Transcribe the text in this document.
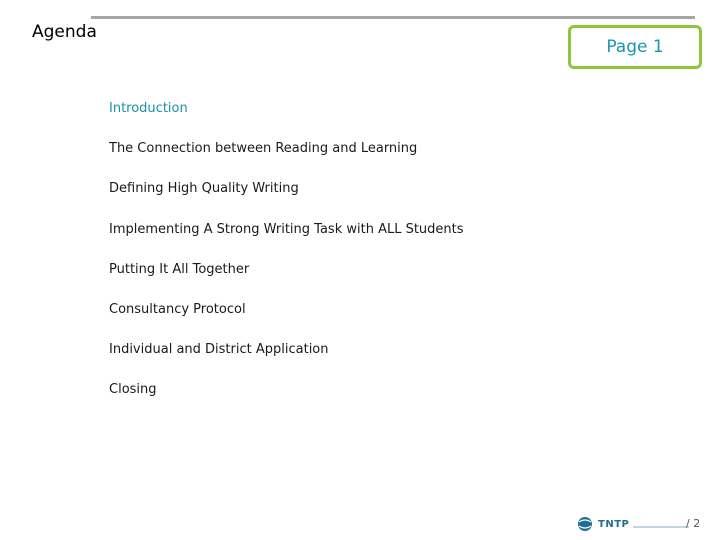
Agenda
Page 1
Introduction
The Connection between Reading and Learning
Defining High Quality Writing
Implementing A Strong Writing Task with ALL Students
Putting It All Together
Consultancy Protocol
Individual and District Application
Closing
TNTP	/ 2
